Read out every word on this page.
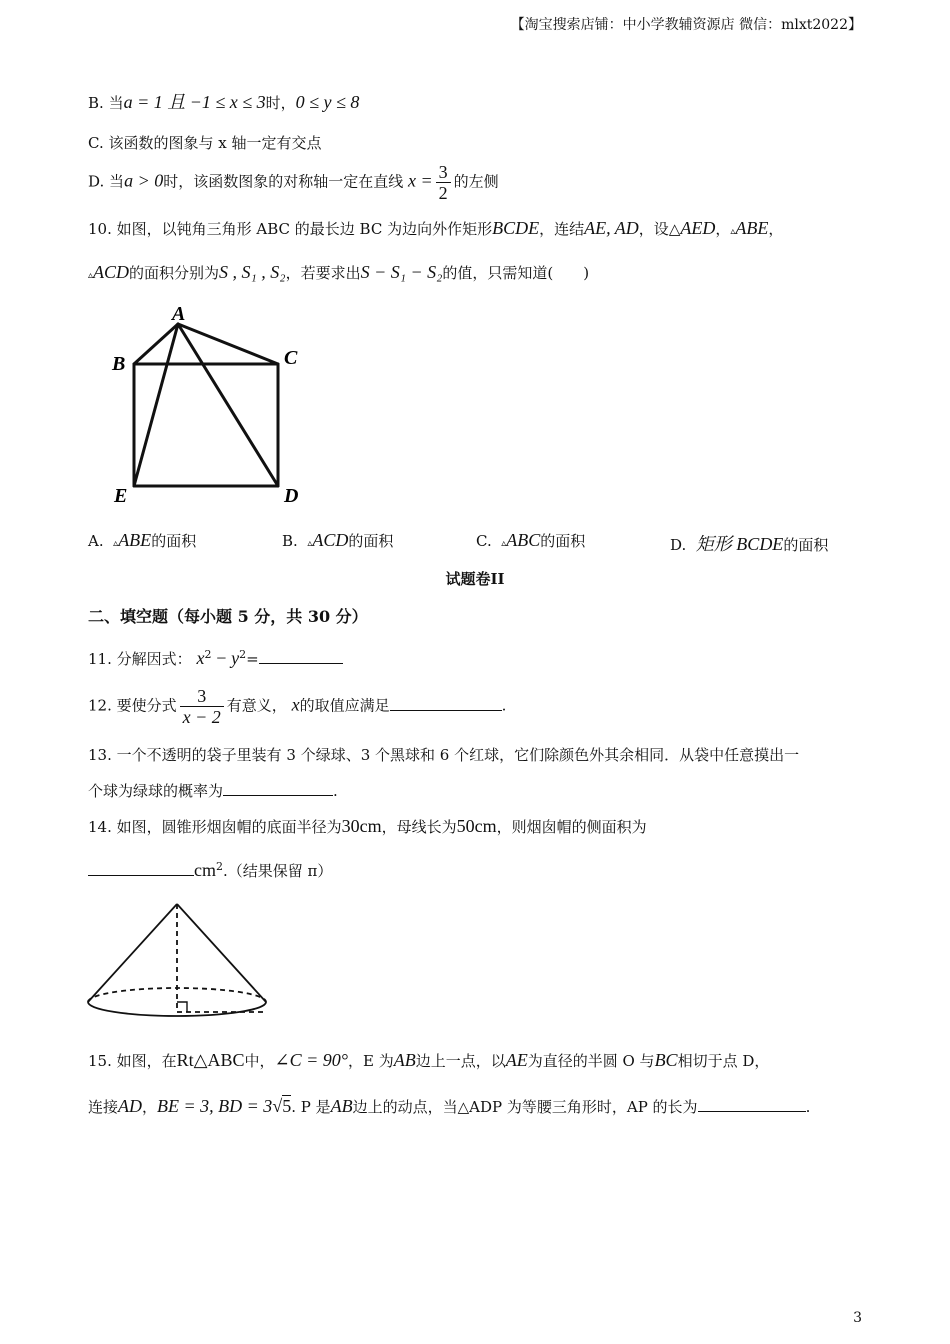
【淘宝搜索店铺：中小学教辅资源店 微信：mlxt2022】
B. 当a = 1 且 −1 ≤ x ≤ 3时，0 ≤ y ≤ 8
C. 该函数的图象与 x 轴一定有交点
D. 当a > 0时，该函数图象的对称轴一定在直线 $x = \frac{3}{2}$ 的左侧
10. 如图，以钝角三角形 ABC 的最长边 BC 为边向外作矩形BCDE，连结AE, AD，设△AED，▵ABE，
▵ACD的面积分别为S , S₁ , S₂，若要求出S − S₁ − S₂的值，只需知道(　　)
A
B	C
D
E
A. ▵ABE的面积	B. ▵ACD的面积	C. ▵ABC的面积	D. 矩形 BCDE的面积
试题卷II
二、填空题（每小题 5 分，共 30 分）
11. 分解因式： $x^2 - y^2=$
12. 要使分式 $\frac{3}{x - 2}$ 有意义， x的取值应满足	.
13. 一个不透明的袋子里装有 3 个绿球、3 个黑球和 6 个红球，它们除颜色外其余相同．从袋中任意摸出一
个球为绿球的概率为	.
14. 如图，圆锥形烟囱帽的底面半径为30cm，母线长为50cm，则烟囱帽的侧面积为
$cm^2$.（结果保留 π）
15. 如图，在Rt△ABC中，∠C = 90°，E 为AB边上一点，以AE为直径的半圆 O 与BC相切于点 D，
连接AD，BE = 3, BD = 3√5. P 是AB边上的动点，当△ADP 为等腰三角形时，AP 的长为	.
3
